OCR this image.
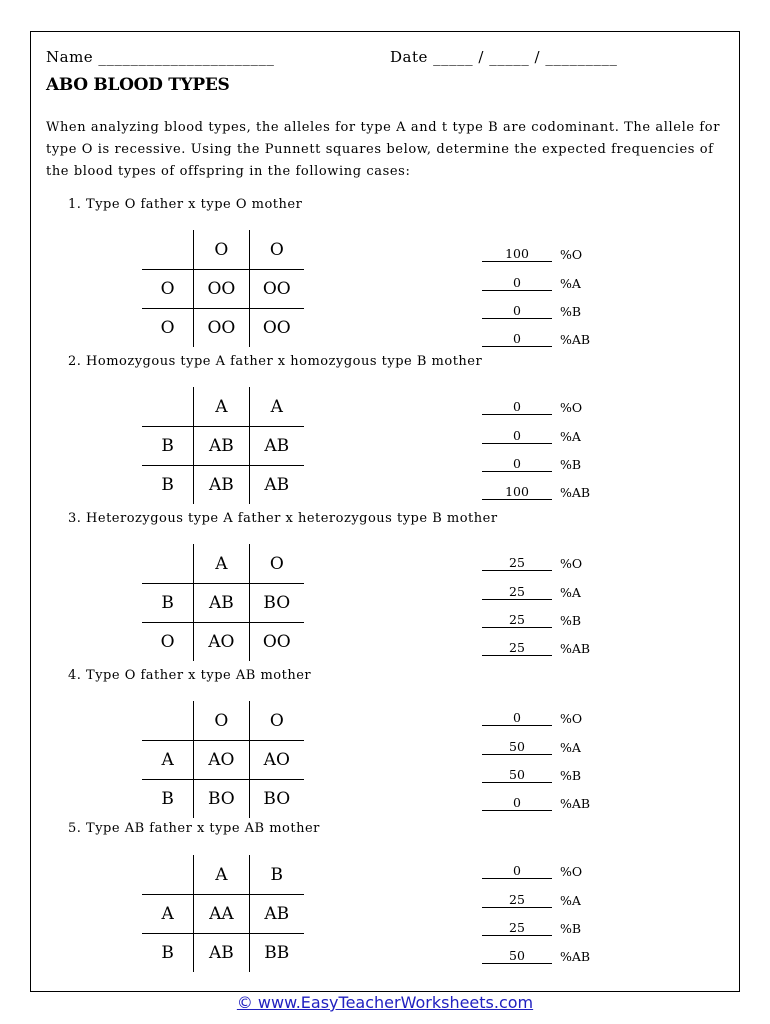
Name ______________________	Date _____ / _____ / _________
ABO BLOOD TYPES

When analyzing blood types, the alleles for type A and t type B are codominant. The allele for type O is recessive. Using the Punnett squares below, determine the expected frequencies of the blood types of offspring in the following cases:

1. Type O father x type O mother
	O	O
O	OO	OO
O	OO	OO
100	%O
0	%A
0	%B
0	%AB
2. Homozygous type A father x homozygous type B mother
	A	A
B	AB	AB
B	AB	AB
0	%O
0	%A
0	%B
100	%AB
3. Heterozygous type A father x heterozygous type B mother
	A	O
B	AB	BO
O	AO	OO
25	%O
25	%A
25	%B
25	%AB
4. Type O father x type AB mother
	O	O
A	AO	AO
B	BO	BO
0	%O
50	%A
50	%B
0	%AB
5. Type AB father x type AB mother
	A	B
A	AA	AB
B	AB	BB
0	%O
25	%A
25	%B
50	%AB
© www.EasyTeacherWorksheets.com
